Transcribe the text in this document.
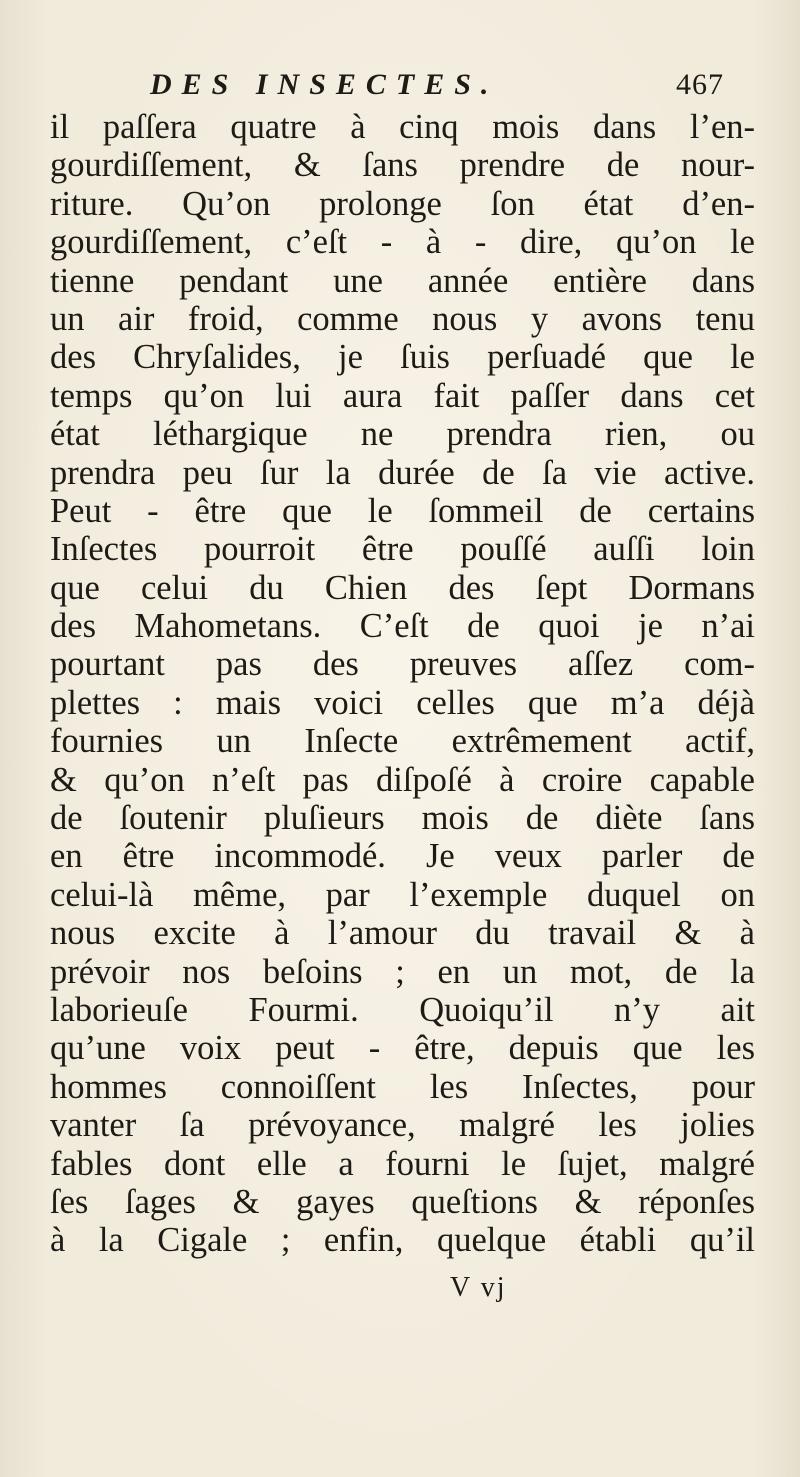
DES INSECTES.	467
il paſſera quatre à cinq mois dans l’en-
gourdiſſement, & ſans prendre de nour-
riture. Qu’on prolonge ſon état d’en-
gourdiſſement, c’eſt - à - dire, qu’on le
tienne pendant une année entière dans
un air froid, comme nous y avons tenu
des Chryſalides, je ſuis perſuadé que le
temps qu’on lui aura fait paſſer dans cet
état léthargique ne prendra rien, ou
prendra peu ſur la durée de ſa vie active.
Peut - être que le ſommeil de certains
Inſectes pourroit être pouſſé auſſi loin
que celui du Chien des ſept Dormans
des Mahometans. C’eſt de quoi je n’ai
pourtant pas des preuves aſſez com-
plettes : mais voici celles que m’a déjà
fournies un Inſecte extrêmement actif,
& qu’on n’eſt pas diſpoſé à croire capable
de ſoutenir pluſieurs mois de diète ſans
en être incommodé. Je veux parler de
celui-là même, par l’exemple duquel on
nous excite à l’amour du travail & à
prévoir nos beſoins ; en un mot, de la
laborieuſe Fourmi. Quoiqu’il n’y ait
qu’une voix peut - être, depuis que les
hommes connoiſſent les Inſectes, pour
vanter ſa prévoyance, malgré les jolies
fables dont elle a fourni le ſujet, malgré
ſes ſages & gayes queſtions & réponſes
à la Cigale ; enfin, quelque établi qu’il
V vj
